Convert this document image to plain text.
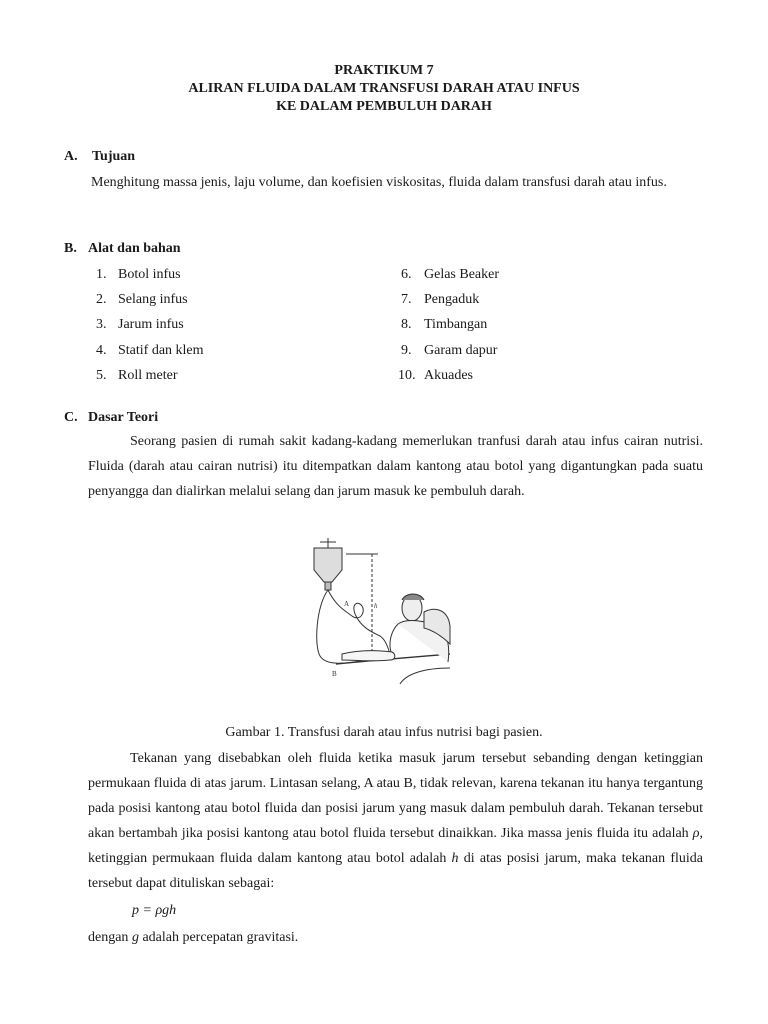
PRAKTIKUM 7
ALIRAN FLUIDA DALAM TRANSFUSI DARAH ATAU INFUS
KE DALAM PEMBULUH DARAH
A. Tujuan
Menghitung massa jenis, laju volume, dan koefisien viskositas, fluida dalam transfusi darah atau infus.
B. Alat dan bahan
1. Botol infus
2. Selang infus
3. Jarum infus
4. Statif dan klem
5. Roll meter
6. Gelas Beaker
7. Pengaduk
8. Timbangan
9. Garam dapur
10. Akuades
C. Dasar Teori
Seorang pasien di rumah sakit kadang-kadang memerlukan tranfusi darah atau infus cairan nutrisi. Fluida (darah atau cairan nutrisi) itu ditempatkan dalam kantong atau botol yang digantungkan pada suatu penyangga dan dialirkan melalui selang dan jarum masuk ke pembuluh darah.
A
B
h
Gambar 1. Transfusi darah atau infus nutrisi bagi pasien.
Tekanan yang disebabkan oleh fluida ketika masuk jarum tersebut sebanding dengan ketinggian permukaan fluida di atas jarum. Lintasan selang, A atau B, tidak relevan, karena tekanan itu hanya tergantung pada posisi kantong atau botol fluida dan posisi jarum yang masuk dalam pembuluh darah. Tekanan tersebut akan bertambah jika posisi kantong atau botol fluida tersebut dinaikkan. Jika massa jenis fluida itu adalah ρ, ketinggian permukaan fluida dalam kantong atau botol adalah h di atas posisi jarum, maka tekanan fluida tersebut dapat dituliskan sebagai:
p = ρgh
dengan g adalah percepatan gravitasi.
